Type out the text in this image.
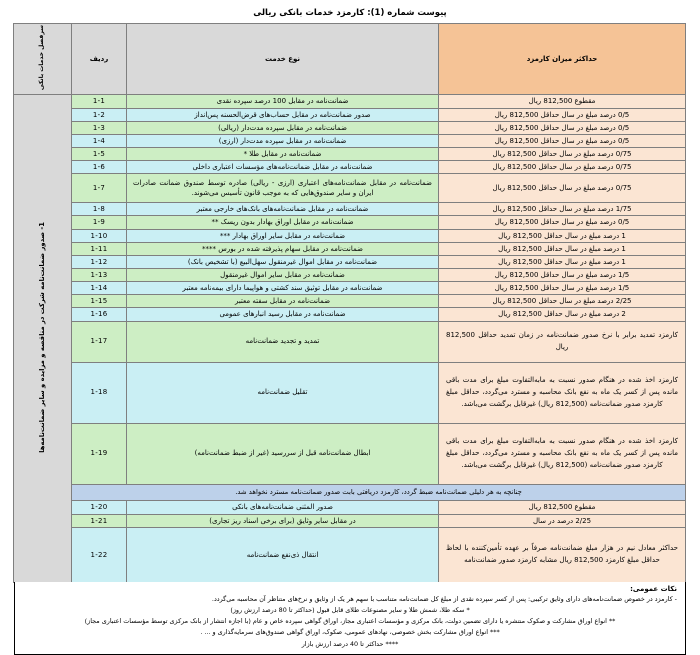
پیوست شماره (1): کارمزد خدمات بانکی ریالی
حداکثر میزان کارمزد	نوع خدمت	ردیف	سرفصل خدمات بانکی
مقطوع 812,500 ریال	ضمانت‌نامه در مقابل 100 درصد سپرده نقدی	1-1	1- صدور ضمانت‌نامه شرکت در مناقصه و مزایده و سایر ضمانت‌نامه‌ها
0/5 درصد مبلغ در سال حداقل 812,500 ریال	صدور ضمانت‌نامه در مقابل حساب‌های قرض‌الحسنه پس‌انداز	1-2	
0/5 درصد مبلغ در سال حداقل 812,500 ریال	ضمانت‌نامه در مقابل سپرده مدت‌دار (ریالی)	1-3	
0/5 درصد مبلغ در سال حداقل 812,500 ریال	ضمانت‌نامه در مقابل سپرده مدت‌دار (ارزی)	1-4	
0/75 درصد مبلغ در سال حداقل 812,500 ریال	ضمانت‌نامه در مقابل طلا *	1-5	
0/75 درصد مبلغ در سال حداقل 812,500 ریال	ضمانت‌نامه در مقابل ضمانت‌نامه‌های مؤسسات اعتباری داخلی	1-6	
0/75 درصد مبلغ در سال حداقل 812,500 ریال	ضمانت‌نامه در مقابل ضمانت‌نامه‌های اعتباری (ارزی - ریالی) صادره توسط صندوق ضمانت صادرات ایران و سایر صندوق‌هایی که به موجب قانون تأسیس می‌شوند.	1-7	
1/75 درصد مبلغ در سال حداقل 812,500 ریال	ضمانت‌نامه در مقابل ضمانت‌نامه‌های بانک‌های خارجی معتبر	1-8	
0/5 درصد مبلغ در سال حداقل 812,500 ریال	ضمانت‌نامه در مقابل اوراق بهادار بدون ریسک **	1-9	
1 درصد مبلغ در سال حداقل 812,500 ریال	ضمانت‌نامه در مقابل سایر اوراق بهادار ***	1-10	
1 درصد مبلغ در سال حداقل 812,500 ریال	ضمانت‌نامه در مقابل سهام پذیرفته شده در بورس ****	1-11	
1 درصد مبلغ در سال حداقل 812,500 ریال	ضمانت‌نامه در مقابل اموال غیرمنقول سهل‌البیع (با تشخیص بانک)	1-12	
1/5 درصد مبلغ در سال حداقل 812,500 ریال	ضمانت‌نامه در مقابل سایر اموال غیرمنقول	1-13	
1/5 درصد مبلغ در سال حداقل 812,500 ریال	ضمانت‌نامه در مقابل توثیق سند کشتی و هواپیما دارای بیمه‌نامه معتبر	1-14	
2/25 درصد مبلغ در سال حداقل 812,500 ریال	ضمانت‌نامه در مقابل سفته معتبر	1-15	
2 درصد مبلغ در سال حداقل 812,500 ریال	ضمانت‌نامه در مقابل رسید انبارهای عمومی	1-16	
کارمزد تمدید برابر با نرخ صدور ضمانت‌نامه در زمان تمدید حداقل 812,500 ریال	تمدید و تجدید ضمانت‌نامه	1-17	
کارمزد اخذ شده در هنگام صدور نسبت به مابه‌التفاوت مبلغ برای مدت باقی مانده پس از کسر یک ماه به نفع بانک محاسبه و مسترد می‌گردد، حداقل مبلغ کارمزد صدور ضمانت‌نامه (812,500 ریال) غیرقابل برگشت می‌باشد.	تقلیل ضمانت‌نامه	1-18	
کارمزد اخذ شده در هنگام صدور نسبت به مابه‌التفاوت مبلغ برای مدت باقی مانده پس از کسر یک ماه به نفع بانک محاسبه و مسترد می‌گردد، حداقل مبلغ کارمزد صدور ضمانت‌نامه (812,500 ریال) غیرقابل برگشت می‌باشد.	ابطال ضمانت‌نامه قبل از سررسید (غیر از ضبط ضمانت‌نامه)	1-19	
چنانچه به هر دلیلی ضمانت‌نامه ضبط گردد، کارمزد دریافتی بابت صدور ضمانت‌نامه مسترد نخواهد شد.			
مقطوع 812,500 ریال	صدور المثنی ضمانت‌نامه‌های بانکی	1-20	
2/25 درصد در سال	در مقابل سایر وثایق (برای برخی اسناد ریز تجاری)	1-21	
حداکثر معادل نیم در هزار مبلغ ضمانت‌نامه صرفاً بر عهده تأمین‌کننده با لحاظ حداقل مبلغ کارمزد 812,500 ریال مشابه کارمزد صدور ضمانت‌نامه	انتقال ذی‌نفع ضمانت‌نامه	1-22	
نکات عمومی:
- کارمزد در خصوص ضمانت‌نامه‌های دارای وثایق ترکیبی: پس از کسر سپرده نقدی از مبلغ کل ضمانت‌نامه متناسب با سهم هر یک از وثایق و نرخ‌های متناظر آن محاسبه می‌گردد.
* سکه طلا، شمش طلا و سایر مصنوعات طلای قابل قبول (حداکثر تا 80 درصد ارزش روز)
** انواع اوراق مشارکت و صکوک منتشره یا دارای تضمین دولت، بانک مرکزی و مؤسسات اعتباری مجاز، اوراق گواهی سپرده خاص و عام (با اجازه انتشار از بانک مرکزی توسط مؤسسات اعتباری مجاز)
*** انواع اوراق مشارکت بخش خصوصی، نهادهای عمومی، صکوک، اوراق گواهی صندوق‌های سرمایه‌گذاری و ... .
**** حداکثر تا 40 درصد ارزش بازار
